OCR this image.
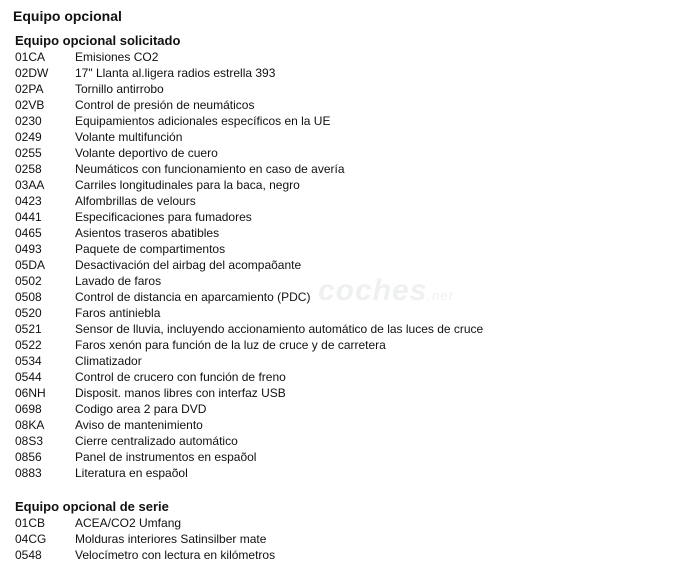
coches.net
Equipo opcional
Equipo opcional solicitado
01CA	Emisiones CO2
02DW	17" Llanta al.ligera radios estrella 393
02PA	Tornillo antirrobo
02VB	Control de presión de neumáticos
0230	Equipamientos adicionales específicos en la UE
0249	Volante multifunción
0255	Volante deportivo de cuero
0258	Neumáticos con funcionamiento en caso de avería
03AA	Carriles longitudinales para la baca, negro
0423	Alfombrillas de velours
0441	Especificaciones para fumadores
0465	Asientos traseros abatibles
0493	Paquete de compartimentos
05DA	Desactivación del airbag del acompaõante
0502	Lavado de faros
0508	Control de distancia en aparcamiento (PDC)
0520	Faros antiniebla
0521	Sensor de lluvia, incluyendo accionamiento automático de las luces de cruce
0522	Faros xenón para función de la luz de cruce y de carretera
0534	Climatizador
0544	Control de crucero con función de freno
06NH	Disposit. manos libres con interfaz USB
0698	Codigo area 2 para DVD
08KA	Aviso de mantenimiento
08S3	Cierre centralizado automático
0856	Panel de instrumentos en espaõol
0883	Literatura en espaõol
Equipo opcional de serie
01CB	ACEA/CO2 Umfang
04CG	Molduras interiores Satinsilber mate
0548	Velocímetro con lectura en kilómetros
